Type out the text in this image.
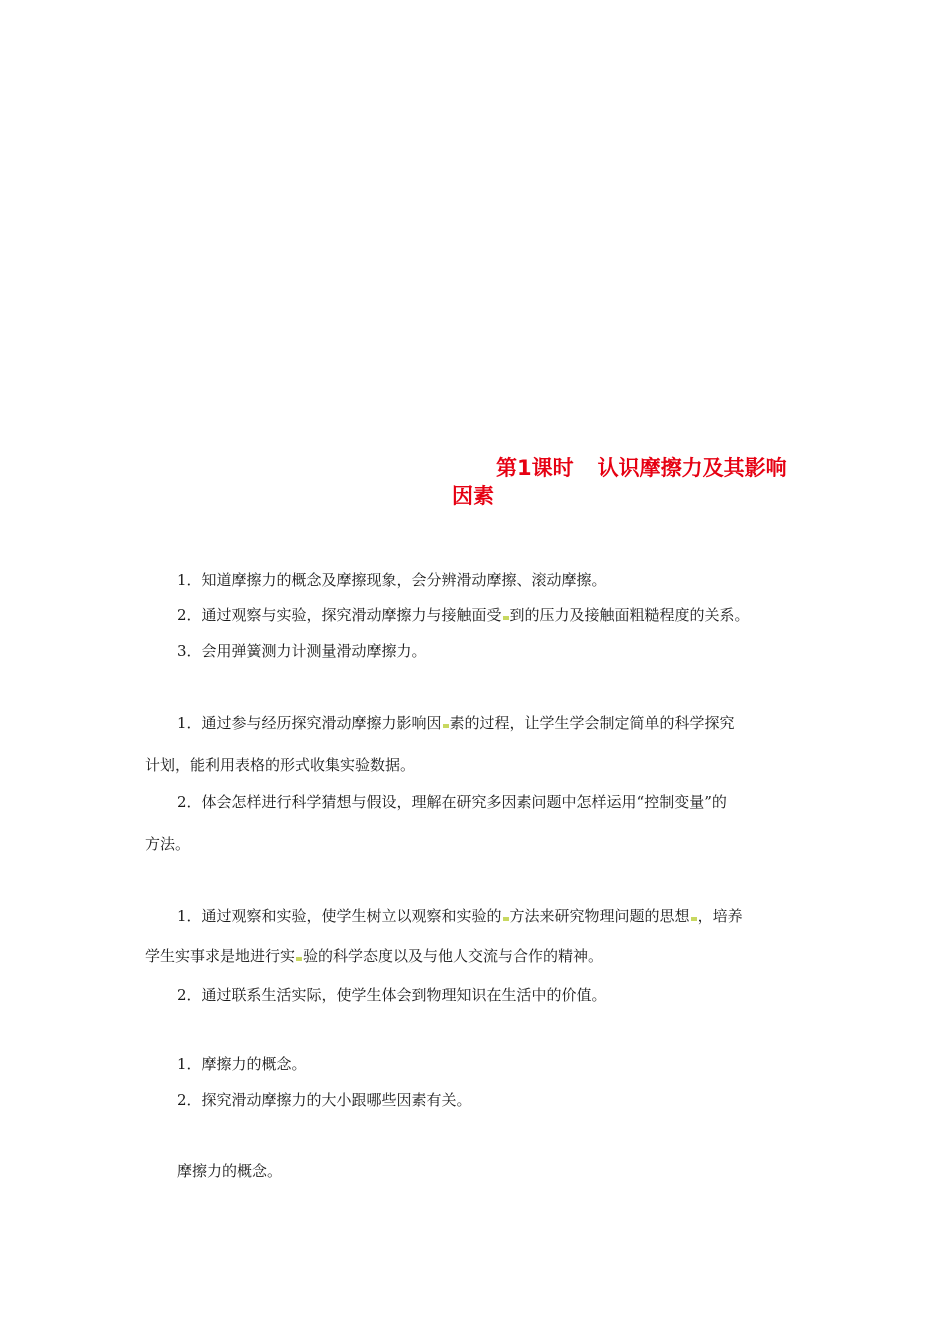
第1课时 认识摩擦力及其影响
因素
1．知道摩擦力的概念及摩擦现象，会分辨滑动摩擦、滚动摩擦。
2．通过观察与实验，探究滑动摩擦力与接触面受 到的压力及接触面粗糙程度的关系。
3．会用弹簧测力计测量滑动摩擦力。
1．通过参与经历探究滑动摩擦力影响因 素的过程，让学生学会制定简单的科学探究
计划，能利用表格的形式收集实验数据。
2．体会怎样进行科学猜想与假设，理解在研究多因素问题中怎样运用“控制变量”的
方法。
1．通过观察和实验，使学生树立以观察和实验的 方法来研究物理问题的思想 ，培养
学生实事求是地进行实 验的科学态度以及与他人交流与合作的精神。
2．通过联系生活实际，使学生体会到物理知识在生活中的价值。
1．摩擦力的概念。
2．探究滑动摩擦力的大小跟哪些因素有关。
摩擦力的概念。
